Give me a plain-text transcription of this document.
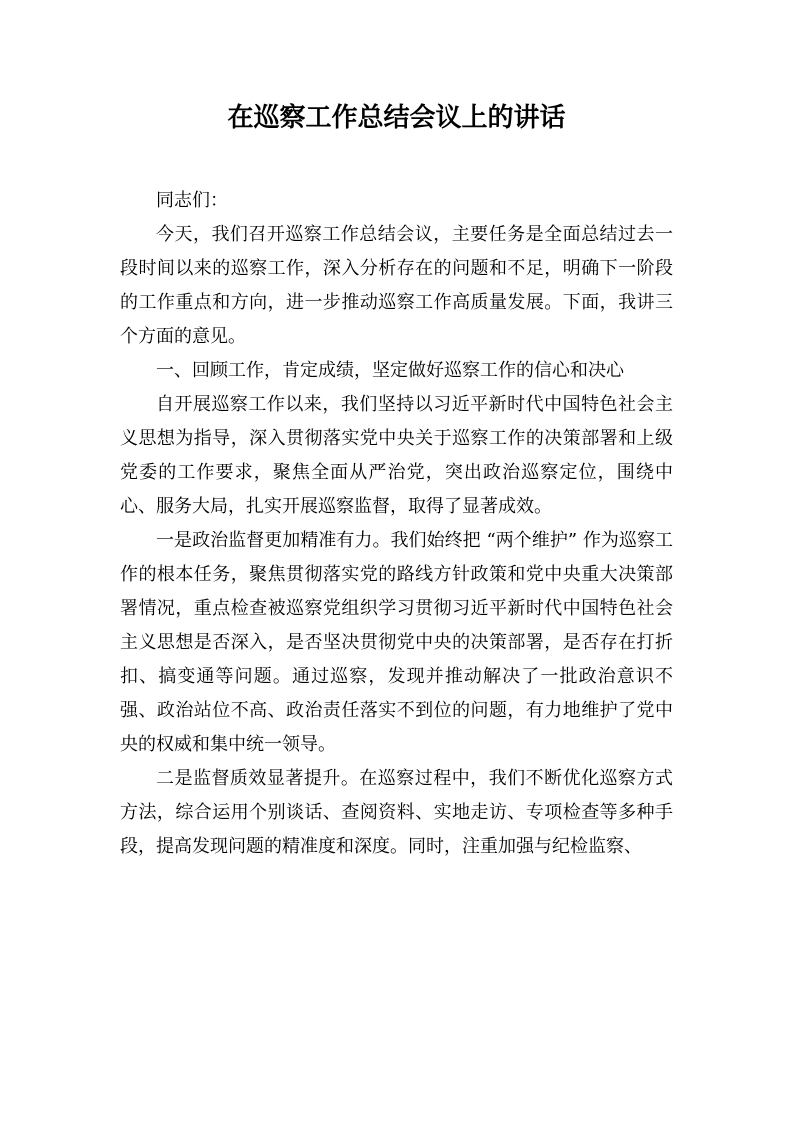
在巡察工作总结会议上的讲话

同志们：

今天，我们召开巡察工作总结会议，主要任务是全面总结过去一段时间以来的巡察工作，深入分析存在的问题和不足，明确下一阶段的工作重点和方向，进一步推动巡察工作高质量发展。下面，我讲三个方面的意见。

一、回顾工作，肯定成绩，坚定做好巡察工作的信心和决心

自开展巡察工作以来，我们坚持以习近平新时代中国特色社会主义思想为指导，深入贯彻落实党中央关于巡察工作的决策部署和上级党委的工作要求，聚焦全面从严治党，突出政治巡察定位，围绕中心、服务大局，扎实开展巡察监督，取得了显著成效。

一是政治监督更加精准有力。我们始终把 “两个维护” 作为巡察工作的根本任务，聚焦贯彻落实党的路线方针政策和党中央重大决策部署情况，重点检查被巡察党组织学习贯彻习近平新时代中国特色社会主义思想是否深入，是否坚决贯彻党中央的决策部署，是否存在打折扣、搞变通等问题。通过巡察，发现并推动解决了一批政治意识不强、政治站位不高、政治责任落实不到位的问题，有力地维护了党中央的权威和集中统一领导。

二是监督质效显著提升。在巡察过程中，我们不断优化巡察方式方法，综合运用个别谈话、查阅资料、实地走访、专项检查等多种手段，提高发现问题的精准度和深度。同时，注重加强与纪检监察、
